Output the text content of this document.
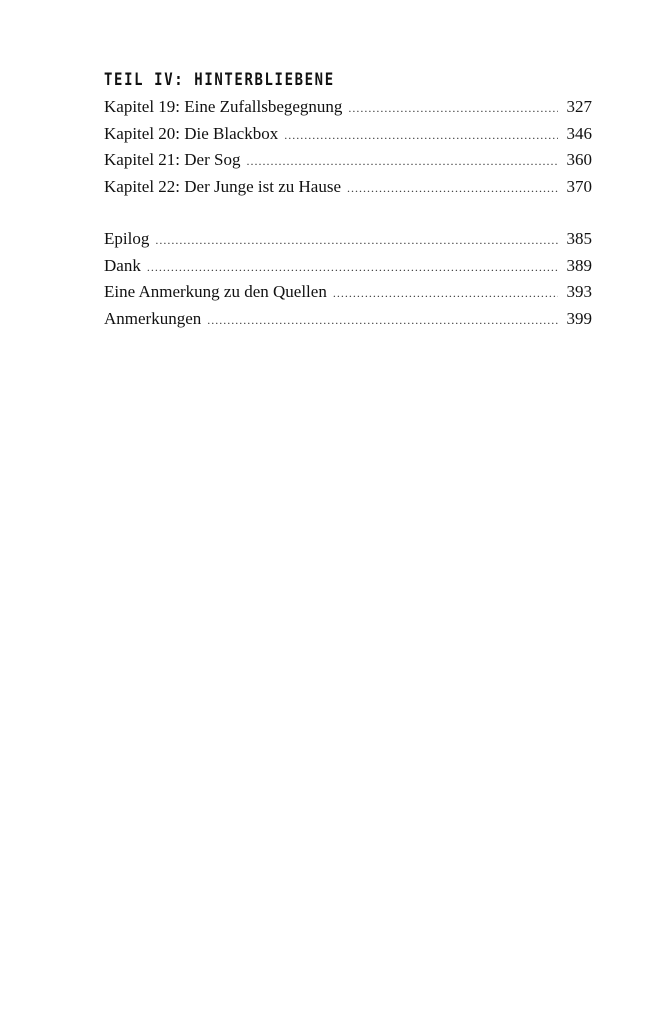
TEIL IV: HINTERBLIEBENE
Kapitel 19: Eine Zufallsbegegnung .....	327
Kapitel 20: Die Blackbox .....	346
Kapitel 21: Der Sog .....	360
Kapitel 22: Der Junge ist zu Hause .....	370
Epilog .....	385
Dank .....	389
Eine Anmerkung zu den Quellen .....	393
Anmerkungen .....	399
